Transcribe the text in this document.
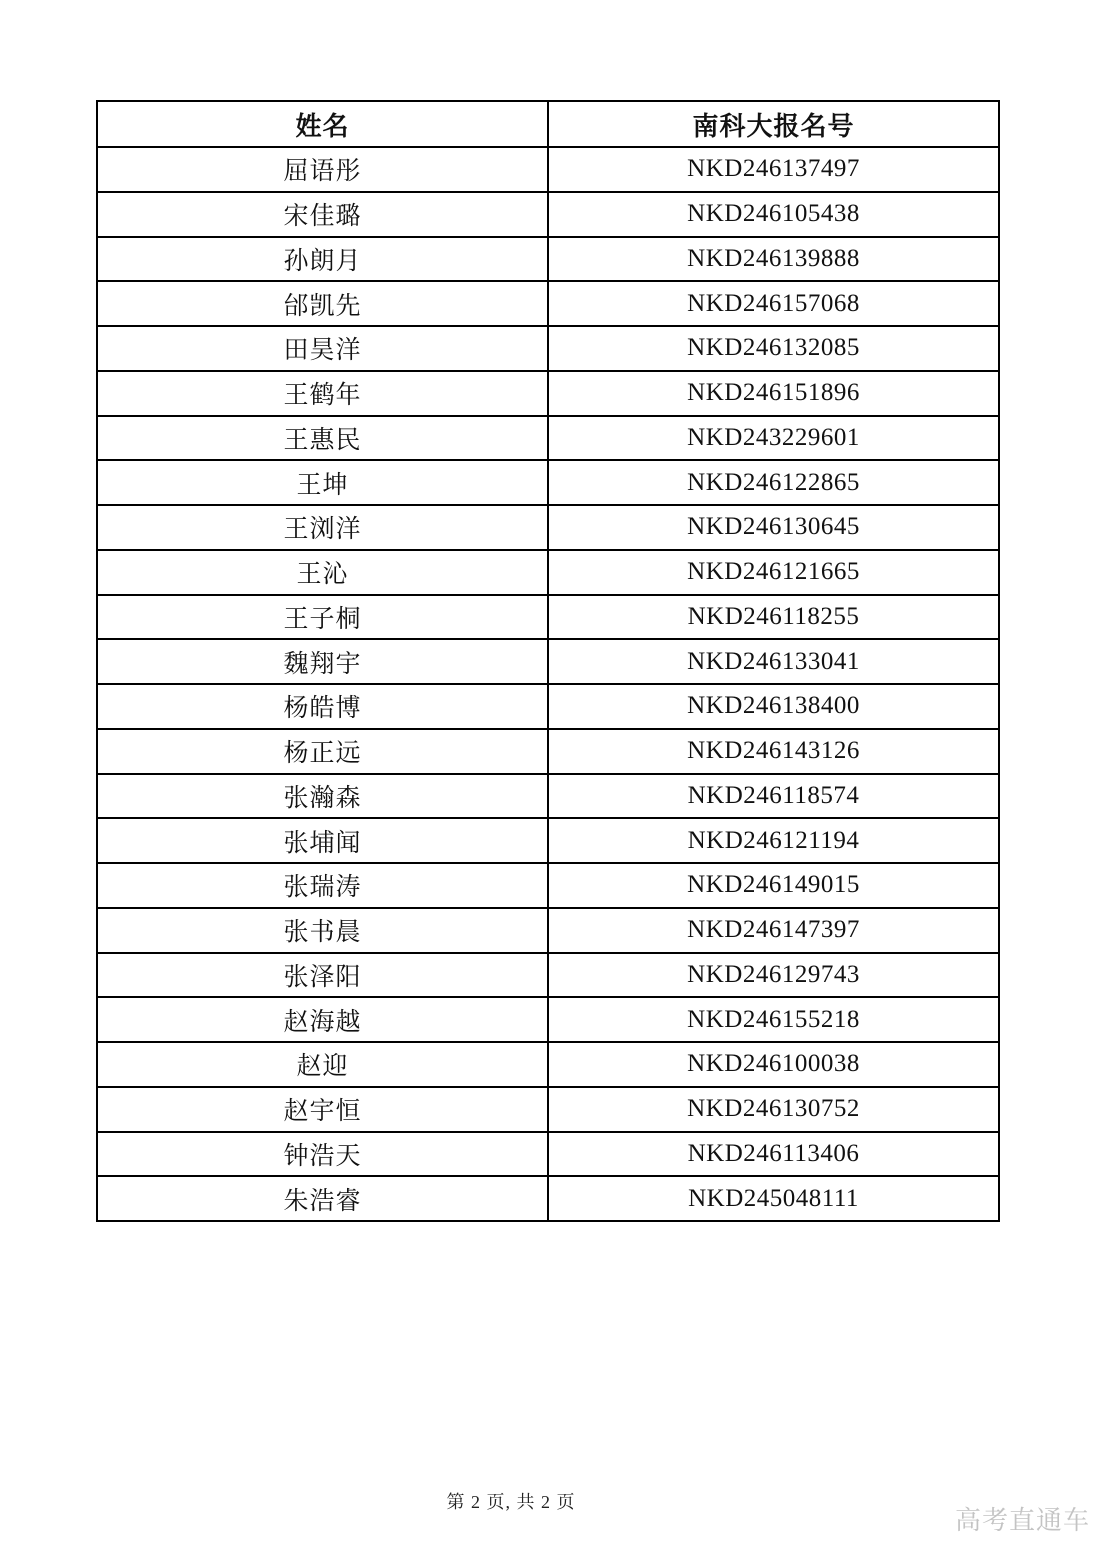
姓名	南科大报名号
屈语彤	NKD246137497
宋佳璐	NKD246105438
孙朗月	NKD246139888
邰凯先	NKD246157068
田昊洋	NKD246132085
王鹤年	NKD246151896
王惠民	NKD243229601
王坤	NKD246122865
王浏洋	NKD246130645
王沁	NKD246121665
王子桐	NKD246118255
魏翔宇	NKD246133041
杨皓博	NKD246138400
杨正远	NKD246143126
张瀚森	NKD246118574
张埔闻	NKD246121194
张瑞涛	NKD246149015
张书晨	NKD246147397
张泽阳	NKD246129743
赵海越	NKD246155218
赵迎	NKD246100038
赵宇恒	NKD246130752
钟浩天	NKD246113406
朱浩睿	NKD245048111
第 2 页, 共 2 页
高考直通车
